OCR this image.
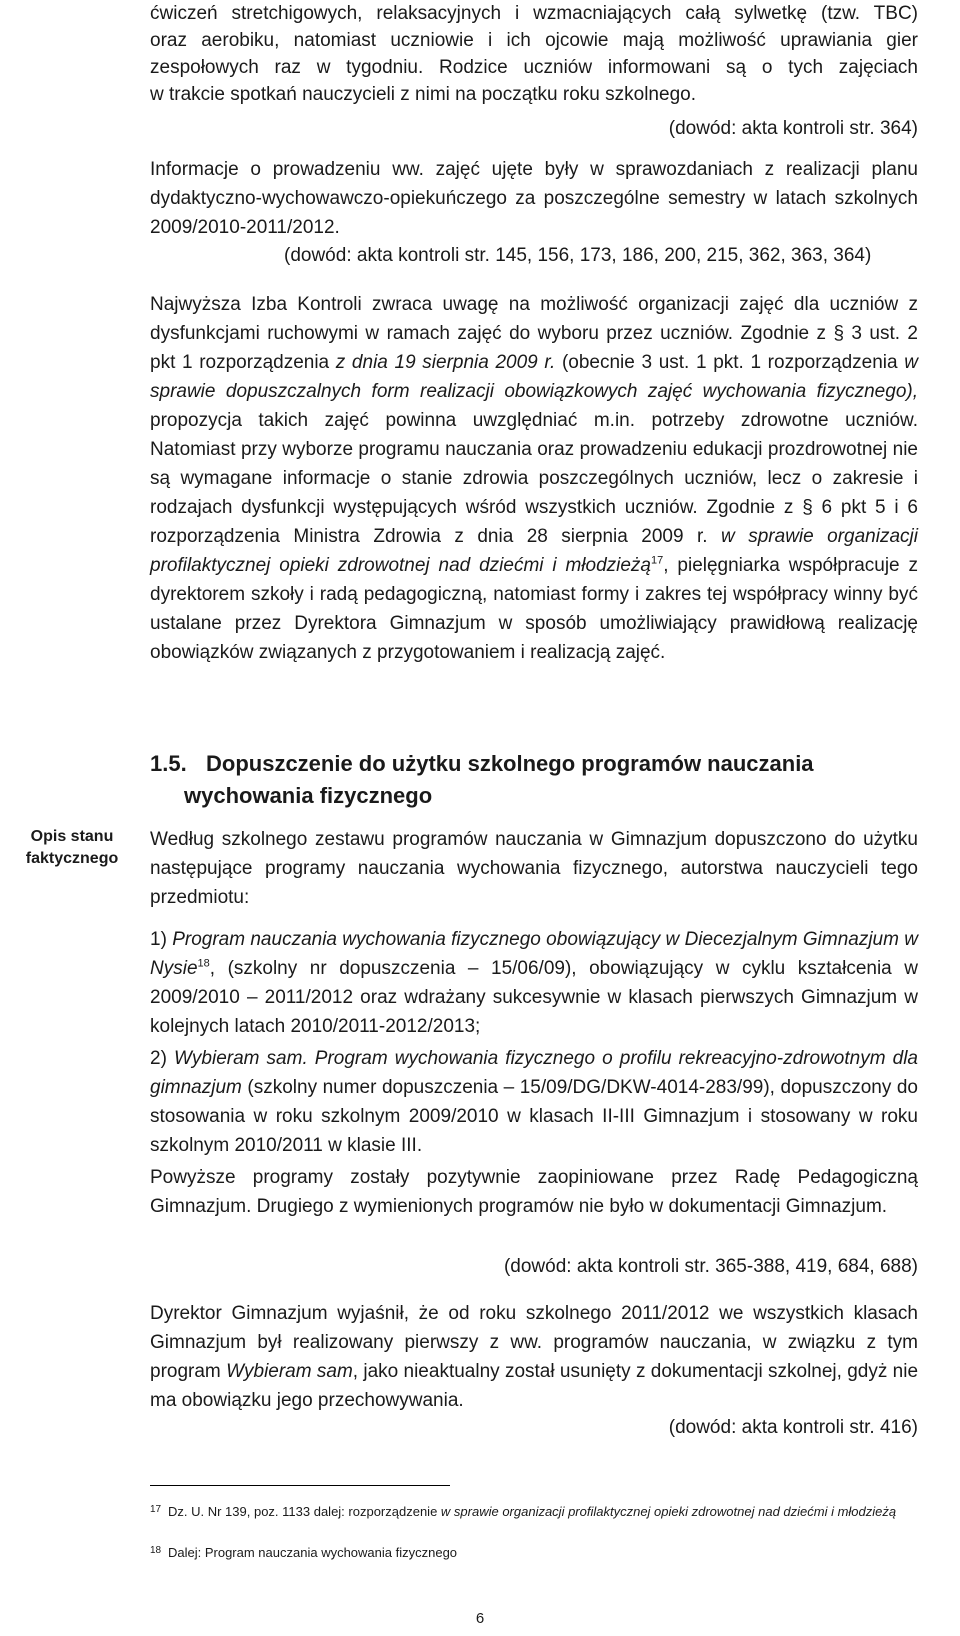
ćwiczeń stretchigowych, relaksacyjnych i wzmacniających całą sylwetkę (tzw. TBC)

oraz aerobiku, natomiast uczniowie i ich ojcowie mają możliwość uprawiania gier

zespołowych raz w tygodniu. Rodzice uczniów informowani są o tych zajęciach

w trakcie spotkań nauczycieli z nimi na początku roku szkolnego.

(dowód: akta kontroli str. 364)

Informacje o prowadzeniu ww. zajęć ujęte były w sprawozdaniach z realizacji planu dydaktyczno-wychowawczo-opiekuńczego za poszczególne semestry w latach szkolnych 2009/2010-2011/2012.

(dowód: akta kontroli str. 145, 156, 173, 186, 200, 215, 362, 363, 364)

Najwyższa Izba Kontroli zwraca uwagę na możliwość organizacji zajęć dla uczniów z dysfunkcjami ruchowymi w ramach zajęć do wyboru przez uczniów. Zgodnie z § 3 ust. 2 pkt 1 rozporządzenia z dnia 19 sierpnia 2009 r. (obecnie 3 ust. 1 pkt. 1 rozporządzenia w sprawie dopuszczalnych form realizacji obowiązkowych zajęć wychowania fizycznego), propozycja takich zajęć powinna uwzględniać m.in. potrzeby zdrowotne uczniów. Natomiast przy wyborze programu nauczania oraz prowadzeniu edukacji prozdrowotnej nie są wymagane informacje o stanie zdrowia poszczególnych uczniów, lecz o zakresie i rodzajach dysfunkcji występujących wśród wszystkich uczniów. Zgodnie z § 6 pkt 5 i 6 rozporządzenia Ministra Zdrowia z dnia 28 sierpnia 2009 r. w sprawie organizacji profilaktycznej opieki zdrowotnej nad dziećmi i młodzieżą$^{17}$, pielęgniarka współpracuje z dyrektorem szkoły i radą pedagogiczną, natomiast formy i zakres tej współpracy winny być ustalane przez Dyrektora Gimnazjum w sposób umożliwiający prawidłową realizację obowiązków związanych z przygotowaniem i realizacją zajęć.

1.5. Dopuszczenie do użytku szkolnego programów nauczania
wychowania fizycznego
Opis stanu
faktycznego

Według szkolnego zestawu programów nauczania w Gimnazjum dopuszczono do użytku następujące programy nauczania wychowania fizycznego, autorstwa nauczycieli tego przedmiotu:

1) Program nauczania wychowania fizycznego obowiązujący w Diecezjalnym Gimnazjum w Nysie$^{18}$, (szkolny nr dopuszczenia – 15/06/09), obowiązujący w cyklu kształcenia w 2009/2010 – 2011/2012 oraz wdrażany sukcesywnie w klasach pierwszych Gimnazjum w kolejnych latach 2010/2011-2012/2013;

2) Wybieram sam. Program wychowania fizycznego o profilu rekreacyjno-zdrowotnym dla gimnazjum (szkolny numer dopuszczenia – 15/09/DG/DKW-4014-283/99), dopuszczony do stosowania w roku szkolnym 2009/2010 w klasach II-III Gimnazjum i stosowany w roku szkolnym 2010/2011 w klasie III.

Powyższe programy zostały pozytywnie zaopiniowane przez Radę Pedagogiczną Gimnazjum. Drugiego z wymienionych programów nie było w dokumentacji Gimnazjum.

(dowód: akta kontroli str. 365-388, 419, 684, 688)

Dyrektor Gimnazjum wyjaśnił, że od roku szkolnego 2011/2012 we wszystkich klasach Gimnazjum był realizowany pierwszy z ww. programów nauczania, w związku z tym program Wybieram sam, jako nieaktualny został usunięty z dokumentacji szkolnej, gdyż nie ma obowiązku jego przechowywania.

(dowód: akta kontroli str. 416)

17 Dz. U. Nr 139, poz. 1133 dalej: rozporządzenie w sprawie organizacji profilaktycznej opieki zdrowotnej nad dziećmi i młodzieżą

18 Dalej: Program nauczania wychowania fizycznego

6
